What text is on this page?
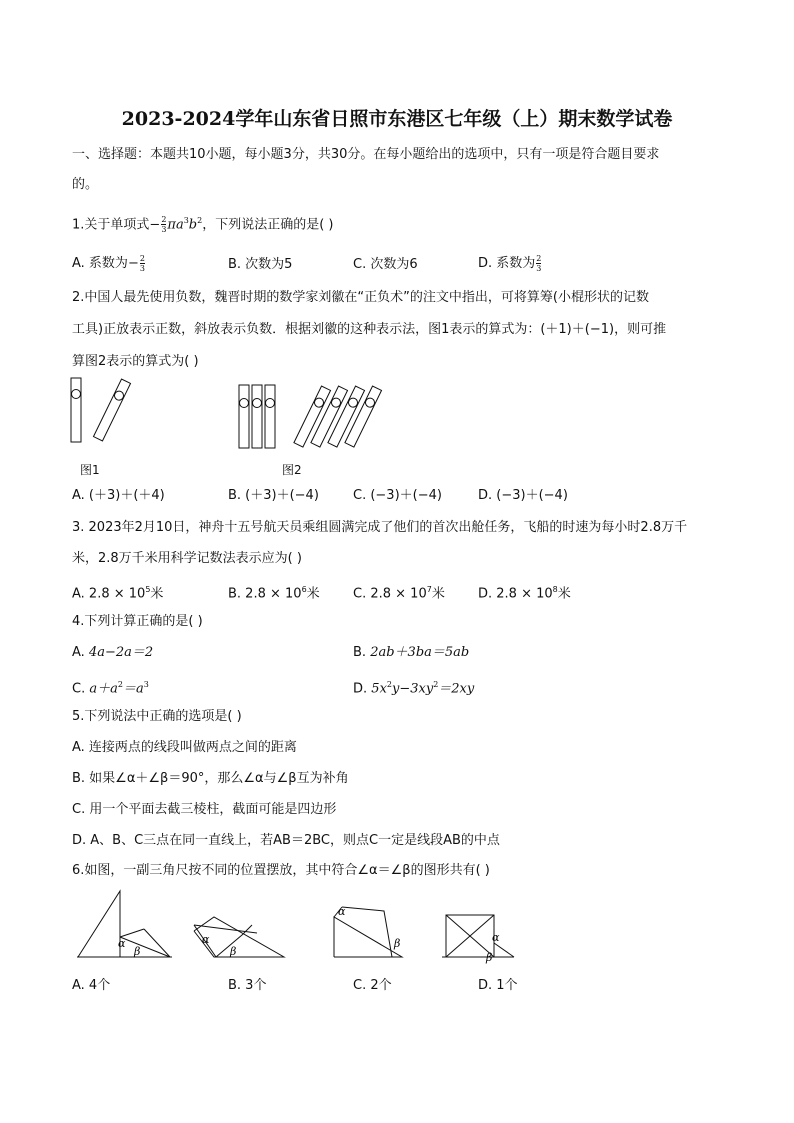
2023-2024学年山东省日照市东港区七年级（上）期末数学试卷
一、选择题：本题共10小题，每小题3分，共30分。在每小题给出的选项中，只有一项是符合题目要求
的。
1.关于单项式− $\frac{2}{3} \pi a^3b^2$，下列说法正确的是( )
A. 系数为− $\frac{2}{3}$	B. 次数为5	C. 次数为6	D. 系数为 $\frac{2}{3}$
2.中国人最先使用负数，魏晋时期的数学家刘徽在“正负术”的注文中指出，可将算筹(小棍形状的记数
工具)正放表示正数，斜放表示负数．根据刘徽的这种表示法，图1表示的算式为：(＋1)＋(−1)，则可推
算图2表示的算式为( )
图1	图2
A. (＋3)＋(＋4)	B. (＋3)＋(−4)	C. (−3)＋(−4)	D. (−3)＋(−4)
3. 2023年2月10日，神舟十五号航天员乘组圆满完成了他们的首次出舱任务，飞船的时速为每小时2.8万千
米，2.8万千米用科学记数法表示应为( )
A. $2.8 \times 10^5$米	B. $2.8 \times 10^6$米	C. $2.8 \times 10^7$米	D. $2.8 \times 10^8$米
4.下列计算正确的是( )
A. 4a−2a＝2	B. 2ab＋3ba＝5ab
C. $a+a^2=a^3$	D. $5x^2y-3xy^2=2xy$
5.下列说法中正确的选项是( )
A. 连接两点的线段叫做两点之间的距离
B. 如果∠α＋∠β＝90°，那么∠α与∠β互为补角
C. 用一个平面去截三棱柱，截面可能是四边形
D. A、B、C三点在同一直线上，若AB＝2BC，则点C一定是线段AB的中点
6.如图，一副三角尺按不同的位置摆放，其中符合∠α＝∠β的图形共有( )
α
β
α
β
α
β	α
β
A. 4个	B. 3个	C. 2个	D. 1个
